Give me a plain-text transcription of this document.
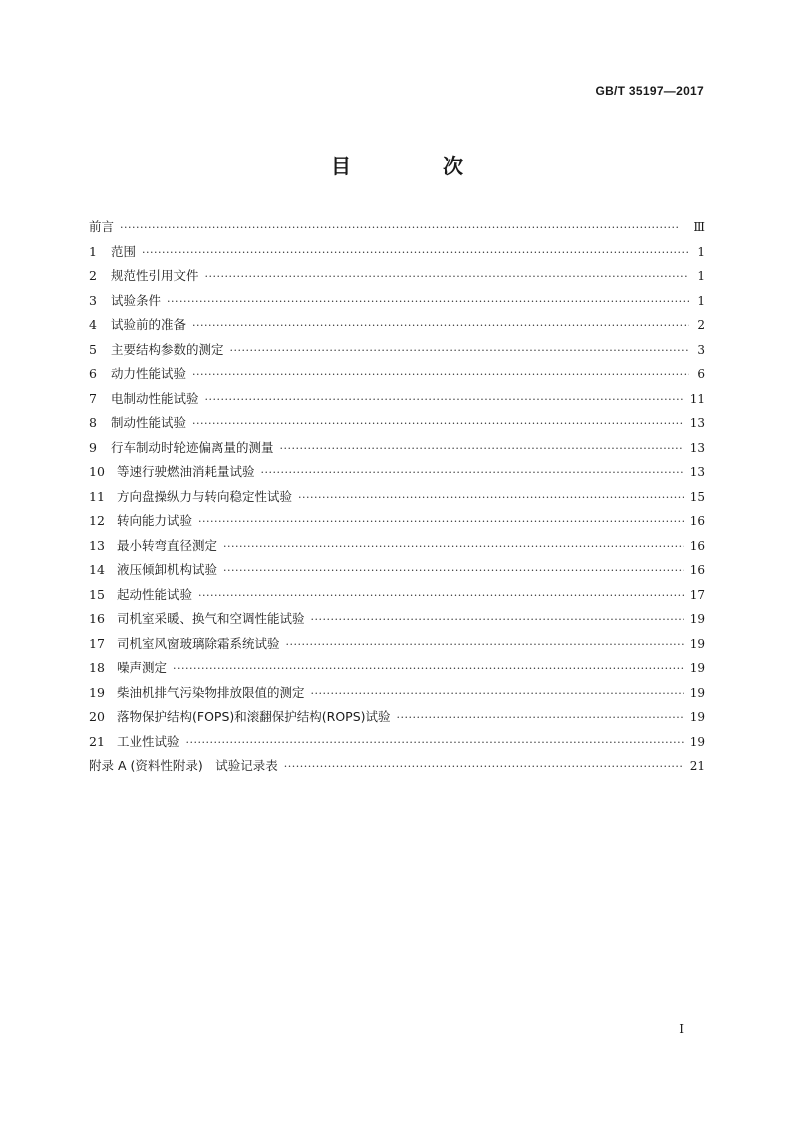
GB/T 35197—2017
目　次
前言 ·····	Ⅲ
1	范围 ·····	1
2	规范性引用文件 ·····	1
3	试验条件 ·····	1
4	试验前的准备 ·····	2
5	主要结构参数的测定 ·····	3
6	动力性能试验 ·····	6
7	电制动性能试验 ·····	11
8	制动性能试验 ·····	13
9	行车制动时轮迹偏离量的测量 ·····	13
10 等速行驶燃油消耗量试验 ·····	13
11 方向盘操纵力与转向稳定性试验 ·····	15
12 转向能力试验 ·····	16
13 最小转弯直径测定 ·····	16
14 液压倾卸机构试验 ·····	16
15 起动性能试验 ·····	17
16 司机室采暖、换气和空调性能试验 ·····	19
17 司机室风窗玻璃除霜系统试验 ·····	19
18 噪声测定 ·····	19
19 柴油机排气污染物排放限值的测定 ·····	19
20 落物保护结构(FOPS)和滚翻保护结构(ROPS)试验 ·····	19
21 工业性试验 ·····	19
附录 A (资料性附录)　试验记录表 ·····	21
I
